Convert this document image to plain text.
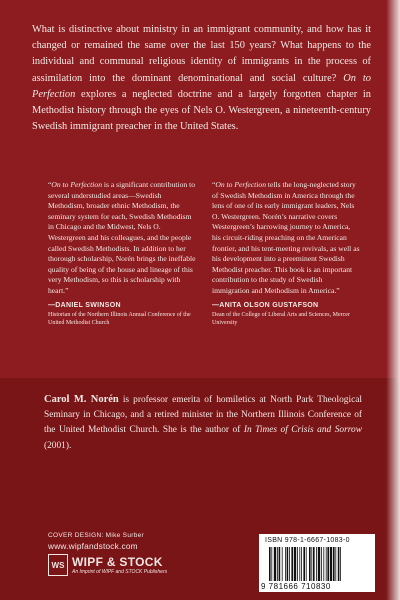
What is distinctive about ministry in an immigrant community, and how has it changed or remained the same over the last 150 years? What happens to the individual and communal religious identity of immigrants in the process of assimilation into the dominant denominational and social culture? On to Perfection explores a neglected doctrine and a largely forgotten chapter in Methodist history through the eyes of Nels O. Westergreen, a nineteenth-century Swedish immigrant preacher in the United States.

“On to Perfection is a significant contribution to several understudied areas—Swedish Methodism, broader ethnic Methodism, the seminary system for each, Swedish Methodism in Chicago and the Midwest, Nels O. Westergreen and his colleagues, and the people called Swedish Methodists. In addition to her thorough scholarship, Norén brings the ineffable quality of being of the house and lineage of this very Methodism, so this is scholarship with heart.”

—DANIEL SWINSON
Historian of the Northern Illinois Annual Conference of the United Methodist Church

“On to Perfection tells the long-neglected story of Swedish Methodism in America through the lens of one of its early immigrant leaders, Nels O. Westergreen. Norén’s narrative covers Westergreen’s harrowing journey to America, his circuit-riding preaching on the American frontier, and his tent-meeting revivals, as well as his development into a preeminent Swedish Methodist preacher. This book is an important contribution to the study of Swedish immigration and Methodism in America.”

—ANITA OLSON GUSTAFSON
Dean of the College of Liberal Arts and Sciences, Mercer University

Carol M. Norén is professor emerita of homiletics at North Park Theological Seminary in Chicago, and a retired minister in the Northern Illinois Conference of the United Methodist Church. She is the author of In Times of Crisis and Sorrow (2001).

COVER DESIGN: Mike Surber
www.wipfandstock.com
WS WIPF & STOCK
An Imprint of WIPF and STOCK Publishers
ISBN 978-1-6667-1083-0
9 781666 710830
